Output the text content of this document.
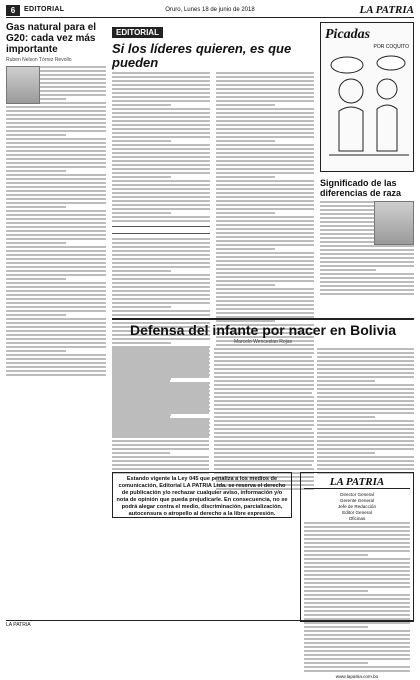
6	EDITORIAL	Oruro, Lunes 18 de junio de 2018	LA PATRIA
Gas natural para el G20: cada vez más importante
Ruben Nelson Tórrez Revollo
EDITORIAL
Si los líderes quieren, es que pueden
Picadas
POR COQUITO
Significado de las diferencias de raza
Defensa del infante por nacer en Bolivia
Marcelo Wenceslao Rojas
Estando vigente la Ley 045 que penaliza a los medios de comunicación, Editorial LA PATRIA Ltda. se reserva el derecho de publicación y/o rechazar cualquier aviso, información y/o nota de opinión que pueda prejudicarle. En consecuencia, no se podrá alegar contra el medio, discriminación, parcialización, autocensura o atropello al derecho a la libre expresión.
LA PATRIA
Director General
Gerente General
Jefe de Redacción
Editor General
Oficinas
www.lapatria.com.bo
LA PATRIA
